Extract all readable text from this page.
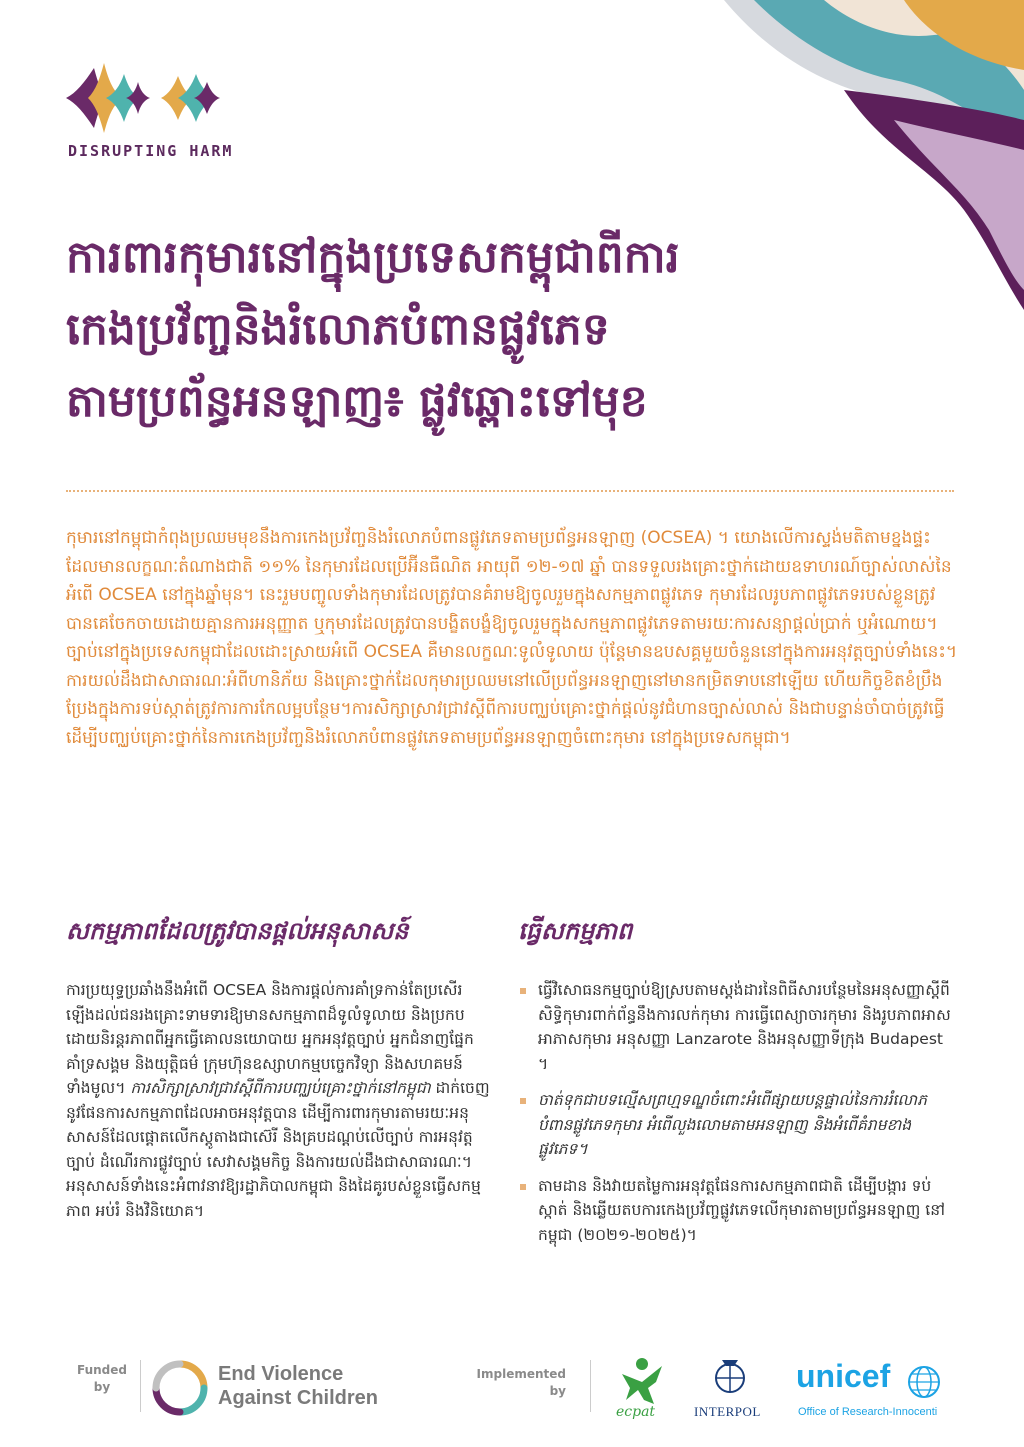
DISRUPTING HARM
ការពារកុមារនៅក្នុងប្រទេសកម្ពុជាពីការ
កេងប្រវ័ញ្ចនិងរំលោភបំពានផ្លូវភេទ
តាមប្រព័ន្ធអនឡាញ៖ ផ្លូវឆ្ពោះទៅមុខ

កុមារនៅកម្ពុជាកំពុងប្រឈមមុខនឹងការកេងប្រវ័ញ្ចនិងរំលោភបំពានផ្លូវភេទតាមប្រព័ន្ធអនឡាញ (OCSEA) ។ យោងលើការស្ទង់មតិតាមខ្នងផ្ទះដែលមានលក្ខណៈតំណាងជាតិ ១១% នៃកុមារដែលប្រើអ៊ីនធឺណិត អាយុពី ១២-១៧ ឆ្នាំ បានទទួលរងគ្រោះថ្នាក់ដោយឧទាហរណ៍ច្បាស់លាស់នៃអំពើ OCSEA នៅក្នុងឆ្នាំមុន។ នេះរួមបញ្ចូលទាំងកុមារដែលត្រូវបានគំរាមឱ្យចូលរួមក្នុងសកម្មភាពផ្លូវភេទ កុមារដែលរូបភាពផ្លូវភេទរបស់ខ្លួនត្រូវបានគេចែកចាយដោយគ្មានការអនុញ្ញាត ឬកុមារដែលត្រូវបានបង្ខិតបង្ខំឱ្យចូលរួមក្នុងសកម្មភាពផ្លូវភេទតាមរយៈការសន្យាផ្ដល់ប្រាក់ ឬអំណោយ។ ច្បាប់នៅក្នុងប្រទេសកម្ពុជាដែលដោះស្រាយអំពើ OCSEA គឺមានលក្ខណៈទូលំទូលាយ ប៉ុន្តែមានឧបសគ្គមួយចំនួននៅក្នុងការអនុវត្តច្បាប់ទាំងនេះ។ ការយល់ដឹងជាសាធារណៈអំពីហានិភ័យ និងគ្រោះថ្នាក់ដែលកុមារប្រឈមនៅលើប្រព័ន្ធអនឡាញនៅមានកម្រិតទាបនៅឡើយ ហើយកិច្ចខិតខំប្រឹងប្រែងក្នុងការទប់ស្កាត់ត្រូវការការកែលម្អបន្ថែម។ការសិក្សាស្រាវជ្រាវស្ដីពីការបញ្ឈប់គ្រោះថ្នាក់ផ្ដល់នូវជំហានច្បាស់លាស់ និងជាបន្ទាន់ចាំបាច់ត្រូវធ្វើ ដើម្បីបញ្ឈប់គ្រោះថ្នាក់នៃការកេងប្រវ័ញ្ចនិងរំលោភបំពានផ្លូវភេទតាមប្រព័ន្ធអនឡាញចំពោះកុមារ នៅក្នុងប្រទេសកម្ពុជា។

សកម្មភាពដែលត្រូវបានផ្ដល់អនុសាសន៍

ការប្រយុទ្ធប្រឆាំងនឹងអំពើ OCSEA និងការផ្ដល់ការគាំទ្រកាន់តែប្រសើរឡើងដល់ជនរងគ្រោះទាមទារឱ្យមានសកម្មភាពដ៏ទូលំទូលាយ និងប្រកបដោយនិរន្តរភាពពីអ្នកធ្វើគោលនយោបាយ អ្នកអនុវត្តច្បាប់ អ្នកជំនាញផ្នែកគាំទ្រសង្គម និងយុត្តិធម៌ ក្រុមហ៊ុនឧស្សាហកម្មបច្ចេកវិទ្យា និងសហគមន៍ទាំងមូល។ ការសិក្សាស្រាវជ្រាវស្ដីពីការបញ្ឈប់គ្រោះថ្នាក់នៅកម្ពុជា ដាក់ចេញនូវផែនការសកម្មភាពដែលអាចអនុវត្តបាន ដើម្បីការពារកុមារតាមរយៈអនុសាសន៍ដែលផ្ដោតលើកស្តូតាងជាស៊េរី និងគ្របដណ្ដប់លើច្បាប់ ការអនុវត្តច្បាប់ ដំណើរការផ្លូវច្បាប់ សេវាសង្គមកិច្ច និងការយល់ដឹងជាសាធារណៈ។ អនុសាសន៍ទាំងនេះអំពាវនាវឱ្យរដ្ឋាភិបាលកម្ពុជា និងដៃគូរបស់ខ្លួនធ្វើសកម្មភាព អប់រំ និងវិនិយោគ។

ធ្វើសកម្មភាព
ធ្វើវិសោធនកម្មច្បាប់ឱ្យស្របតាមស្ដង់ដារនៃពិធីសារបន្ថែមនៃអនុសញ្ញាស្ដីពីសិទ្ធិកុមារពាក់ព័ន្ធនឹងការលក់កុមារ ការធ្វើពេស្យាចារកុមារ និងរូបភាពអាសអាភាសកុមារ អនុសញ្ញា Lanzarote និងអនុសញ្ញាទីក្រុង Budapest ។
ចាត់ទុកជាបទល្មើសព្រហ្មទណ្ឌចំពោះអំពើផ្សាយបន្តផ្ទាល់នៃការរំលោភបំពានផ្លូវភេទកុមារ អំពើលួងលោមតាមអនឡាញ និងអំពើគំរាមខាងផ្លូវភេទ។
តាមដាន និងវាយតម្លៃការអនុវត្តផែនការសកម្មភាពជាតិ ដើម្បីបង្ការ ទប់ស្កាត់ និងឆ្លើយតបការកេងប្រវ័ញ្ចផ្លូវភេទលើកុមារតាមប្រព័ន្ធអនឡាញ នៅកម្ពុជា (២០២១-២០២៥)។
Funded by
End Violence
Against Children
Implemented by
ecpat	INTERPOL
unicef
Office of Research-Innocenti
